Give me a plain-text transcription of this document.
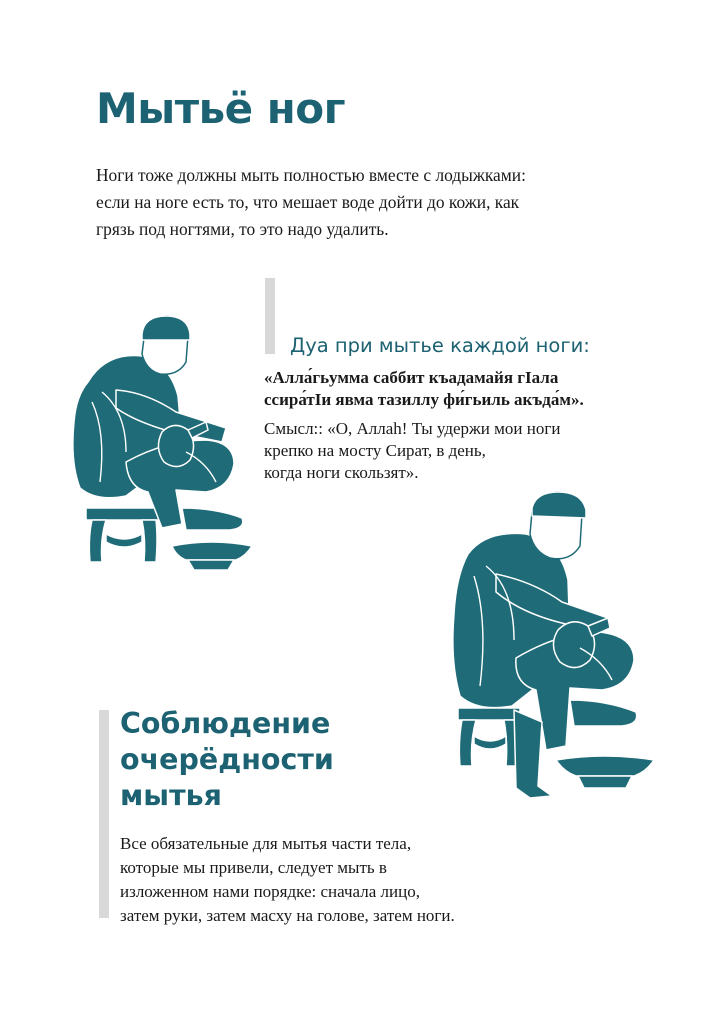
Мытьё ног
Ноги тоже должны мыть полностью вместе с лодыжками:
если на ноге есть то, что мешает воде дойти до кожи, как
грязь под ногтями, то это надо удалить.
Дуа при мытье каждой ноги:
«Алла́гьумма саббит къадамайя гIала
ссира́тIи явма тазиллу фи́гьиль акъда́м».
Смысл:: «О, Аллаh! Ты удержи мои ноги
крепко на мосту Сират, в день,
когда ноги скользят».
Соблюдение
очерёдности
мытья
Все обязательные для мытья части тела,
которые мы привели, следует мыть в
изложенном нами порядке: сначала лицо,
затем руки, затем масху на голове, затем ноги.
